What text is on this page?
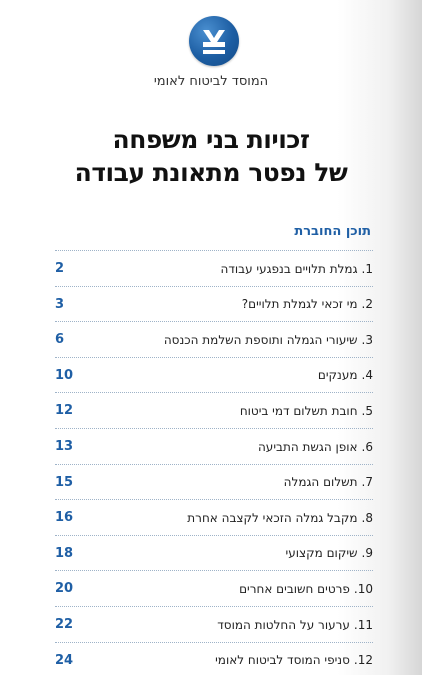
המוסד לביטוח לאומי
זכויות בני משפחה
של נפטר מתאונת עבודה
תוכן החוברת
1.גמלת תלויים בנפגעי עבודה
2
2.מי זכאי לגמלת תלויים?
3
3.שיעורי הגמלה ותוספת השלמת הכנסה
6
4.מענקים
10
5.חובת תשלום דמי ביטוח
12
6.אופן הגשת התביעה
13
7.תשלום הגמלה
15
8.מקבל גמלה הזכאי לקצבה אחרת
16
9.שיקום מקצועי
18
10.פרטים חשובים אחרים
20
11.ערעור על החלטות המוסד
22
12.סניפי המוסד לביטוח לאומי
24
